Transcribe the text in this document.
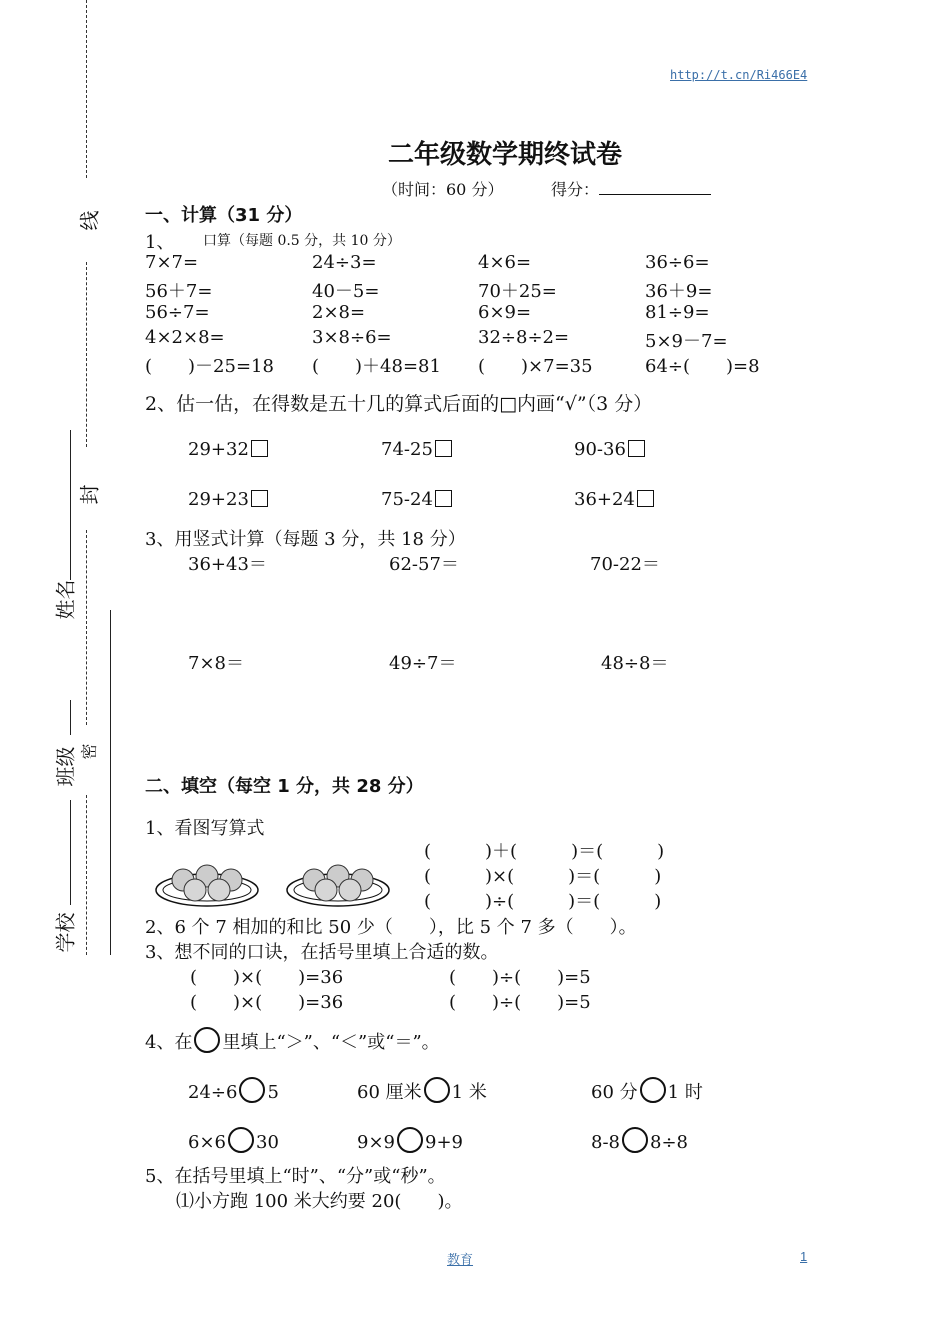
线
封
密
姓名
班级
学校
http://t.cn/Ri466E4
二年级数学期终试卷
（时间：60 分）	得分：
一、计算（31 分）
1、 口算（每题 0.5 分，共 10 分）
7×7=	24÷3=	4×6=	36÷6=
56＋7=	40－5=	70＋25=	36＋9=
56÷7=	2×8=	6×9=	81÷9=
4×2×8=	3×8÷6=	32÷8÷2=	5×9－7=
(　　)－25=18 (　　)＋48=81 (　　)×7=35	64÷(　　)=8
2、估一估，在得数是五十几的算式后面的□内画“√”（3 分）
29+32	74-25	90-36
29+23	75-24	36+24
3、用竖式计算（每题 3 分，共 18 分）
36+43＝	62-57＝	70-22＝
7×8＝	49÷7＝	48÷8＝
二、填空（每空 1 分，共 28 分）
1、看图写算式
(　　　)＋(　　　)＝(　　　)
(　　　)×(　　　)＝(　　　)
(　　　)÷(　　　)＝(　　　)
2、6 个 7 相加的和比 50 少（　　），比 5 个 7 多（　　）。
3、想不同的口诀，在括号里填上合适的数。
(　　)×(　　)=36	(　　)÷(　　)=5
(　　)×(　　)=36	(　　)÷(　　)=5
4、在 里填上“＞”、“＜”或“＝”。
24÷6 5	60 厘米 1 米	60 分 1 时
6×6 30	9×9 9+9	8-8 8÷8
5、在括号里填上“时”、“分”或“秒”。
⑴小方跑 100 米大约要 20(　　)。
教育	1
